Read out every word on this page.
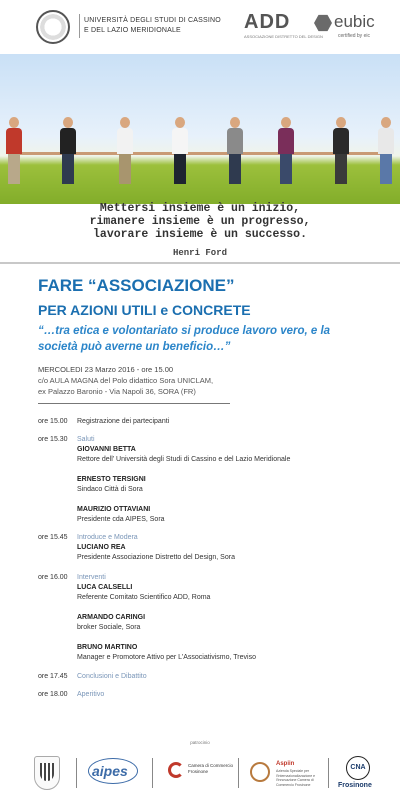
UNIVERSITÀ DEGLI STUDI DI CASSINO
E DEL LAZIO MERIDIONALE	ADD
ASSOCIAZIONE DISTRETTO DEL DESIGN
eubic
certified by eic
Mettersi insieme è un inizio,
rimanere insieme è un progresso,
lavorare insieme è un successo.
Henri Ford
FARE “ASSOCIAZIONE”
PER AZIONI UTILI e CONCRETE
“…tra etica e volontariato si produce lavoro vero, e la società può averne un beneficio…”
MERCOLEDI 23 Marzo 2016 - ore 15.00
c/o AULA MAGNA del Polo didattico Sora UNICLAM,
ex Palazzo Baronio - Via Napoli 36, SORA (FR)
ore 15.00	Registrazione dei partecipanti
ore 15.30	Saluti
GIOVANNI BETTA
Rettore dell’ Università degli Studi di Cassino e del Lazio Meridionale
ERNESTO TERSIGNI
Sindaco Città di Sora
MAURIZIO OTTAVIANI
Presidente cda AIPES, Sora
ore 15.45	Introduce e Modera
LUCIANO REA
Presidente Associazione Distretto del Design, Sora
ore 16.00	Interventi
LUCA CALSELLI
Referente Comitato Scientifico ADD, Roma
ARMANDO CARINGI
broker Sociale, Sora
BRUNO MARTINO
Manager e Promotore Attivo per L’Associativismo, Treviso
ore 17.45	Conclusioni e Dibattito
ore 18.00	Aperitivo
patrocinio
aipes	Camera di Commercio
Frosinone
Aspiin
Azienda Speciale per l’Internazionalizzazione e l’Innovazione Camera di Commercio Frosinone
CNA
Frosinone
